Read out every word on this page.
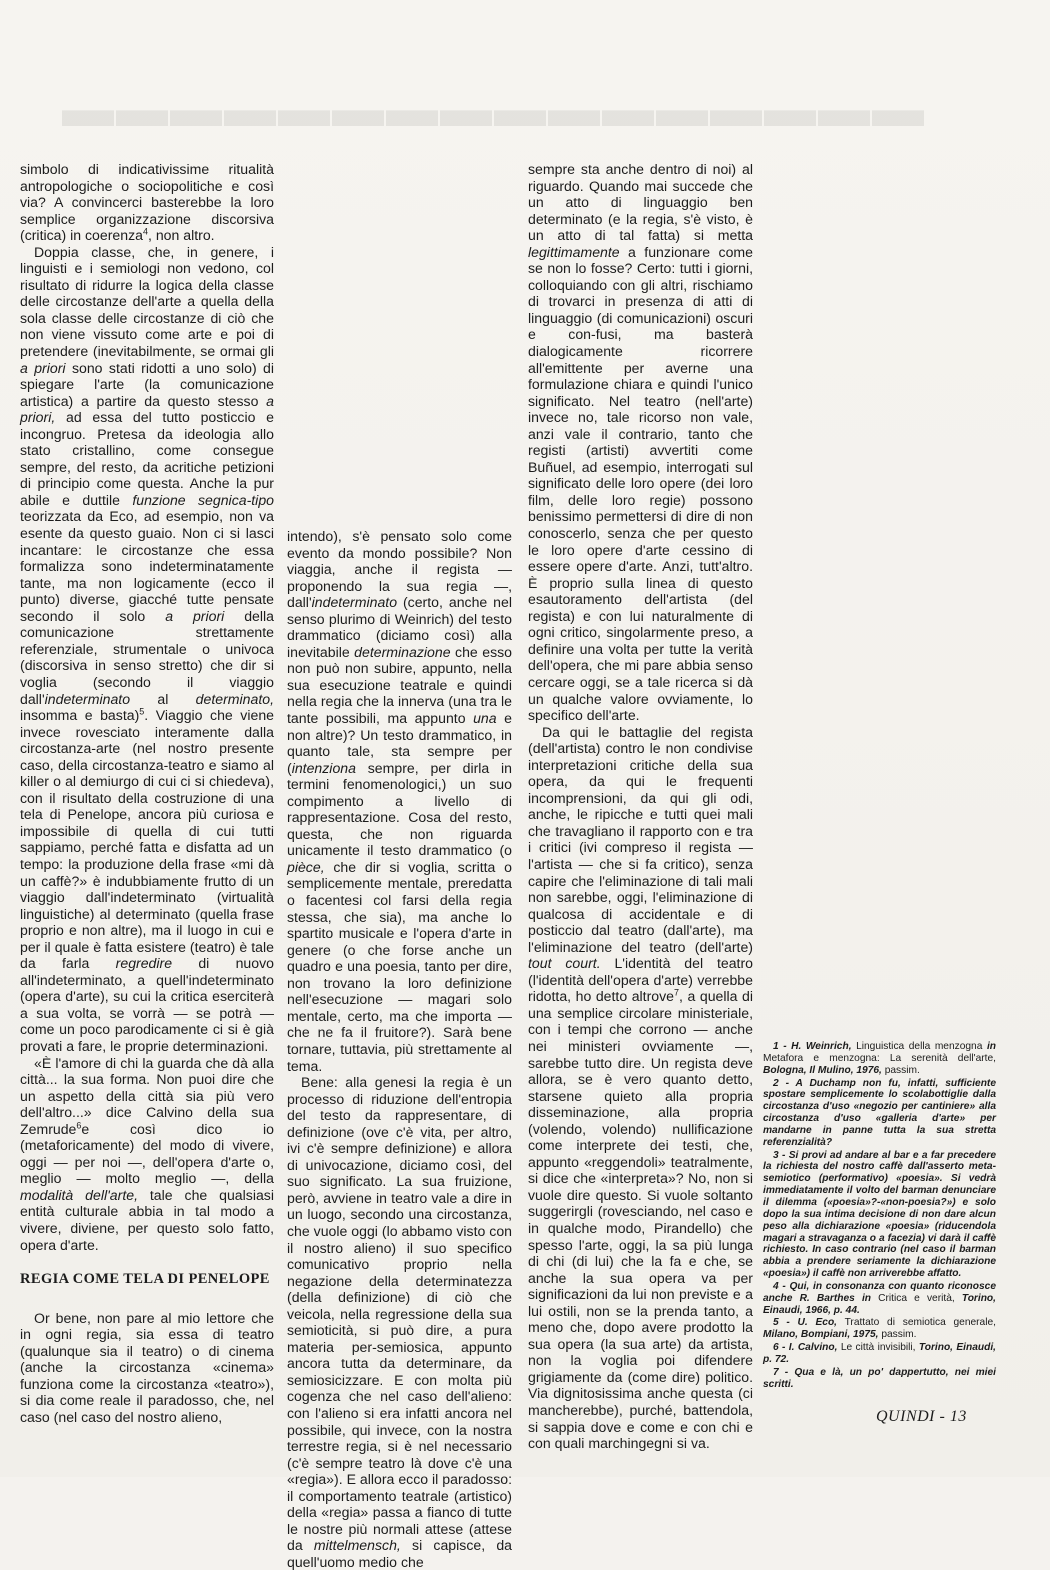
▬▬▬▬▬▬▬▬▬▬▬▬▬▬▬▬

simbolo di indicativissime ritualità antropologiche o sociopolitiche e così via? A convincerci basterebbe la loro semplice organizzazione discorsiva (critica) in coerenza$^4$, non altro.

Doppia classe, che, in genere, i linguisti e i semiologi non vedono, col risultato di ridurre la logica della classe delle circostanze dell'arte a quella della sola classe delle circostanze di ciò che non viene vissuto come arte e poi di pretendere (inevitabilmente, se ormai gli a priori sono stati ridotti a uno solo) di spiegare l'arte (la comunicazione artistica) a partire da questo stesso a priori, ad essa del tutto posticcio e incongruo. Pretesa da ideologia allo stato cristallino, come consegue sempre, del resto, da acritiche petizioni di principio come questa. Anche la pur abile e duttile funzione segnica-tipo teorizzata da Eco, ad esempio, non va esente da questo guaio. Non ci si lasci incantare: le circostanze che essa formalizza sono indeterminatamente tante, ma non logicamente (ecco il punto) diverse, giacché tutte pensate secondo il solo a priori della comunicazione strettamente referenziale, strumentale o univoca (discorsiva in senso stretto) che dir si voglia (secondo il viaggio dall'indeterminato al determinato, insomma e basta)$^5$. Viaggio che viene invece rovesciato interamente dalla circostanza-arte (nel nostro presente caso, della circostanza-teatro e siamo al killer o al demiurgo di cui ci si chiedeva), con il risultato della costruzione di una tela di Penelope, ancora più curiosa e impossibile di quella di cui tutti sappiamo, perché fatta e disfatta ad un tempo: la produzione della frase «mi dà un caffè?» è indubbiamente frutto di un viaggio dall'indeterminato (virtualità linguistiche) al determinato (quella frase proprio e non altre), ma il luogo in cui e per il quale è fatta esistere (teatro) è tale da farla regredire di nuovo all'indeterminato, a quell'indeterminato (opera d'arte), su cui la critica eserciterà a sua volta, se vorrà — se potrà — come un poco parodicamente ci si è già provati a fare, le proprie determinazioni.

«È l'amore di chi la guarda che dà alla città... la sua forma. Non puoi dire che un aspetto della città sia più vero dell'altro...» dice Calvino della sua Zemrude$^6$e così dico io (metaforicamente) del modo di vivere, oggi — per noi —, dell'opera d'arte o, meglio — molto meglio —, della modalità dell'arte, tale che qualsiasi entità culturale abbia in tal modo a vivere, diviene, per questo solo fatto, opera d'arte.

REGIA COME TELA DI PENELOPE

Or bene, non pare al mio lettore che in ogni regia, sia essa di teatro (qualunque sia il teatro) o di cinema (anche la circostanza «cinema» funziona come la circostanza «teatro»), si dia come reale il paradosso, che, nel caso (nel caso del nostro alieno,

intendo), s'è pensato solo come evento da mondo possibile? Non viaggia, anche il regista — proponendo la sua regia —, dall'indeterminato (certo, anche nel senso plurimo di Weinrich) del testo drammatico (diciamo così) alla inevitabile determinazione che esso non può non subire, appunto, nella sua esecuzione teatrale e quindi nella regia che la innerva (una tra le tante possibili, ma appunto una e non altre)? Un testo drammatico, in quanto tale, sta sempre per (intenziona sempre, per dirla in termini fenomenologici,) un suo compimento a livello di rappresentazione. Cosa del resto, questa, che non riguarda unicamente il testo drammatico (o pièce, che dir si voglia, scritta o semplicemente mentale, preredatta o facentesi col farsi della regia stessa, che sia), ma anche lo spartito musicale e l'opera d'arte in genere (o che forse anche un quadro e una poesia, tanto per dire, non trovano la loro definizione nell'esecuzione — magari solo mentale, certo, ma che importa — che ne fa il fruitore?). Sarà bene tornare, tuttavia, più strettamente al tema.

Bene: alla genesi la regia è un processo di riduzione dell'entropia del testo da rappresentare, di definizione (ove c'è vita, per altro, ivi c'è sempre definizione) e allora di univocazione, diciamo così, del suo significato. La sua fruizione, però, avviene in teatro vale a dire in un luogo, secondo una circostanza, che vuole oggi (lo abbamo visto con il nostro alieno) il suo specifico comunicativo proprio nella negazione della determinatezza (della definizione) di ciò che veicola, nella regressione della sua semioticità, si può dire, a pura materia per-semiosica, appunto ancora tutta da determinare, da semiosicizzare. E con molta più cogenza che nel caso dell'alieno: con l'alieno si era infatti ancora nel possibile, qui invece, con la nostra terrestre regia, si è nel necessario (c'è sempre teatro là dove c'è una «regia»). E allora ecco il paradosso: il comportamento teatrale (artistico) della «regia» passa a fianco di tutte le nostre più normali attese (attese da mittelmensch, si capisce, da quell'uomo medio che

sempre sta anche dentro di noi) al riguardo. Quando mai succede che un atto di linguaggio ben determinato (e la regia, s'è visto, è un atto di tal fatta) si metta legittimamente a funzionare come se non lo fosse? Certo: tutti i giorni, colloquiando con gli altri, rischiamo di trovarci in presenza di atti di linguaggio (di comunicazioni) oscuri e con-fusi, ma basterà dialogicamente ricorrere all'emittente per averne una formulazione chiara e quindi l'unico significato. Nel teatro (nell'arte) invece no, tale ricorso non vale, anzi vale il contrario, tanto che registi (artisti) avvertiti come Buñuel, ad esempio, interrogati sul significato delle loro opere (dei loro film, delle loro regie) possono benissimo permettersi di dire di non conoscerlo, senza che per questo le loro opere d'arte cessino di essere opere d'arte. Anzi, tutt'altro. È proprio sulla linea di questo esautoramento dell'artista (del regista) e con lui naturalmente di ogni critico, singolarmente preso, a definire una volta per tutte la verità dell'opera, che mi pare abbia senso cercare oggi, se a tale ricerca si dà un qualche valore ovviamente, lo specifico dell'arte.

Da qui le battaglie del regista (dell'artista) contro le non condivise interpretazioni critiche della sua opera, da qui le frequenti incomprensioni, da qui gli odi, anche, le ripicche e tutti quei mali che travagliano il rapporto con e tra i critici (ivi compreso il regista — l'artista — che si fa critico), senza capire che l'eliminazione di tali mali non sarebbe, oggi, l'eliminazione di qualcosa di accidentale e di posticcio dal teatro (dall'arte), ma l'eliminazione del teatro (dell'arte) tout court. L'identità del teatro (l'identità dell'opera d'arte) verrebbe ridotta, ho detto altrove$^7$, a quella di una semplice circolare ministeriale, con i tempi che corrono — anche nei ministeri ovviamente —, sarebbe tutto dire. Un regista deve allora, se è vero quanto detto, starsene quieto alla propria disseminazione, alla propria (volendo, volendo) nullificazione come interprete dei testi, che, appunto «reggendoli» teatralmente, si dice che «interpreta»? No, non si vuole dire questo. Si vuole soltanto suggerirgli (rovesciando, nel caso e in qualche modo, Pirandello) che spesso l'arte, oggi, la sa più lunga di chi (di lui) che la fa e che, se anche la sua opera va per significazioni da lui non previste e a lui ostili, non se la prenda tanto, a meno che, dopo avere prodotto la sua opera (la sua arte) da artista, non la voglia poi difendere grigiamente da (come dire) politico. Via dignitosissima anche questa (ci mancherebbe), purché, battendola, si sappia dove e come e con chi e con quali marchingegni si va.

1 - H. Weinrich, Linguistica della menzogna in Metafora e menzogna: La serenità dell'arte, Bologna, Il Mulino, 1976, passim.

2 - A Duchamp non fu, infatti, sufficiente spostare semplicemente lo scolabottiglie dalla circostanza d'uso «negozio per cantiniere» alla circostanza d'uso «galleria d'arte» per mandarne in panne tutta la sua stretta referenzialità?

3 - Si provi ad andare al bar e a far precedere la richiesta del nostro caffè dall'asserto meta-semiotico (performativo) «poesia». Si vedrà immediatamente il volto del barman denunciare il dilemma («poesia»?-«non-poesia?») e solo dopo la sua intima decisione di non dare alcun peso alla dichiarazione «poesia» (riducendola magari a stravaganza o a facezia) vi darà il caffè richiesto. In caso contrario (nel caso il barman abbia a prendere seriamente la dichiarazione «poesia») il caffè non arriverebbe affatto.

4 - Qui, in consonanza con quanto riconosce anche R. Barthes in Critica e verità, Torino, Einaudi, 1966, p. 44.

5 - U. Eco, Trattato di semiotica generale, Milano, Bompiani, 1975, passim.

6 - I. Calvino, Le città invisibili, Torino, Einaudi, p. 72.

7 - Qua e là, un po' dappertutto, nei miei scritti.

QUINDI - 13
